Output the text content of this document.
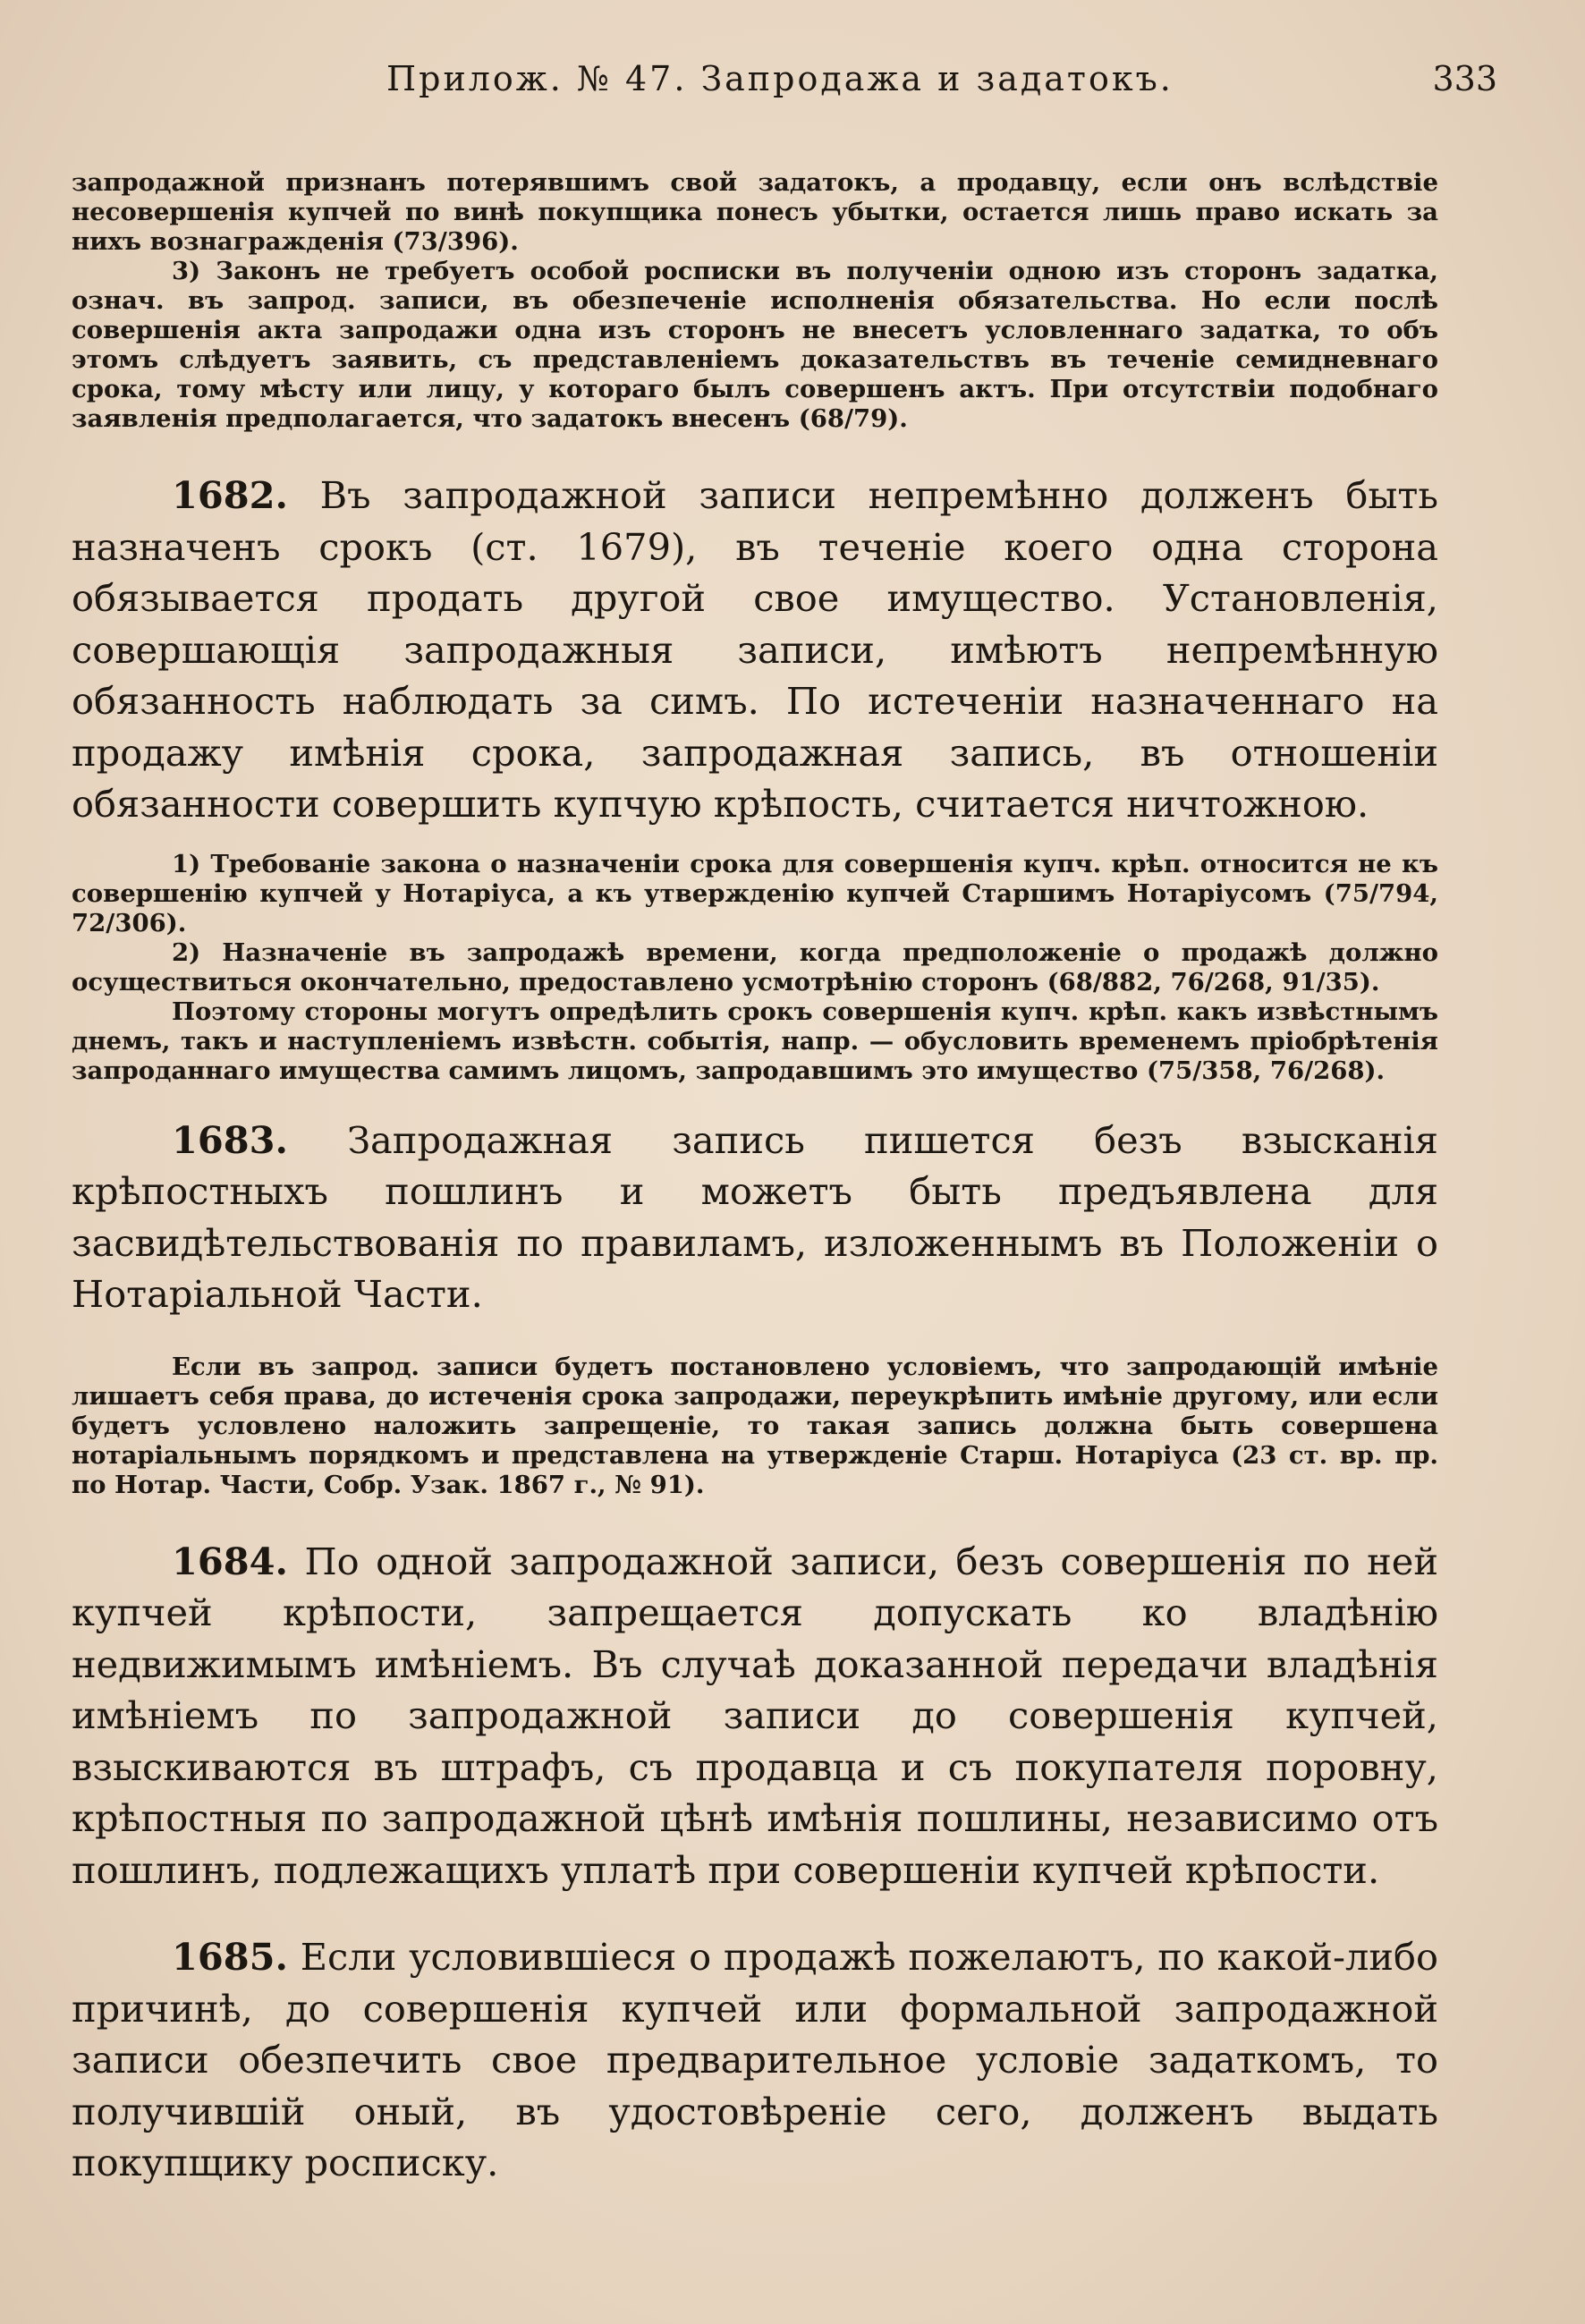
Прилож. № 47. Запродажа и задатокъ.	333

запродажной признанъ потерявшимъ свой задатокъ, а продавцу, если онъ вслѣдствіе несовершенія купчей по винѣ покупщика понесъ убытки, остается лишь право искать за нихъ вознагражденія (73/396).

3) Законъ не требуетъ особой росписки въ полученіи одною изъ сторонъ задатка, означ. въ запрод. записи, въ обезпеченіе исполненія обязательства. Но если послѣ совершенія акта запродажи одна изъ сторонъ не внесетъ условленнаго задатка, то объ этомъ слѣдуетъ заявить, съ представленіемъ доказательствъ въ теченіе семидневнаго срока, тому мѣсту или лицу, у котораго былъ совершенъ актъ. При отсутствіи подобнаго заявленія предполагается, что задатокъ внесенъ (68/79).

1682. Въ запродажной записи непремѣнно долженъ быть назначенъ срокъ (ст. 1679), въ теченіе коего одна сторона обязывается продать другой свое имущество. Установленія, совершающія запродажныя записи, имѣютъ непремѣнную обязанность наблюдать за симъ. По истеченіи назначеннаго на продажу имѣнія срока, запродажная запись, въ отношеніи обязанности совершить купчую крѣпость, считается ничтожною.

1) Требованіе закона о назначеніи срока для совершенія купч. крѣп. относится не къ совершенію купчей у Нотаріуса, а къ утвержденію купчей Старшимъ Нотаріусомъ (75/794, 72/306).

2) Назначеніе въ запродажѣ времени, когда предположеніе о продажѣ должно осуществиться окончательно, предоставлено усмотрѣнію сторонъ (68/882, 76/268, 91/35).

Поэтому стороны могутъ опредѣлить срокъ совершенія купч. крѣп. какъ извѣстнымъ днемъ, такъ и наступленіемъ извѣстн. событія, напр. — обусловить временемъ пріобрѣтенія запроданнаго имущества самимъ лицомъ, запродавшимъ это имущество (75/358, 76/268).

1683. Запродажная запись пишется безъ взысканія крѣпостныхъ пошлинъ и можетъ быть предъявлена для засвидѣтельствованія по правиламъ, изложеннымъ въ Положеніи о Нотаріальной Части.

Если въ запрод. записи будетъ постановлено условіемъ, что запродающій имѣніе лишаетъ себя права, до истеченія срока запродажи, переукрѣпить имѣніе другому, или если будетъ условлено наложить запрещеніе, то такая запись должна быть совершена нотаріальнымъ порядкомъ и представлена на утвержденіе Старш. Нотаріуса (23 ст. вр. пр. по Нотар. Части, Собр. Узак. 1867 г., № 91).

1684. По одной запродажной записи, безъ совершенія по ней купчей крѣпости, запрещается допускать ко владѣнію недвижимымъ имѣніемъ. Въ случаѣ доказанной передачи владѣнія имѣніемъ по запродажной записи до совершенія купчей, взыскиваются въ штрафъ, съ продавца и съ покупателя поровну, крѣпостныя по запродажной цѣнѣ имѣнія пошлины, независимо отъ пошлинъ, подлежащихъ уплатѣ при совершеніи купчей крѣпости.

1685. Если условившіеся о продажѣ пожелаютъ, по какой-либо причинѣ, до совершенія купчей или формальной запродажной записи обезпечить свое предварительное условіе задаткомъ, то получившій оный, въ удостовѣреніе сего, долженъ выдать покупщику росписку.
